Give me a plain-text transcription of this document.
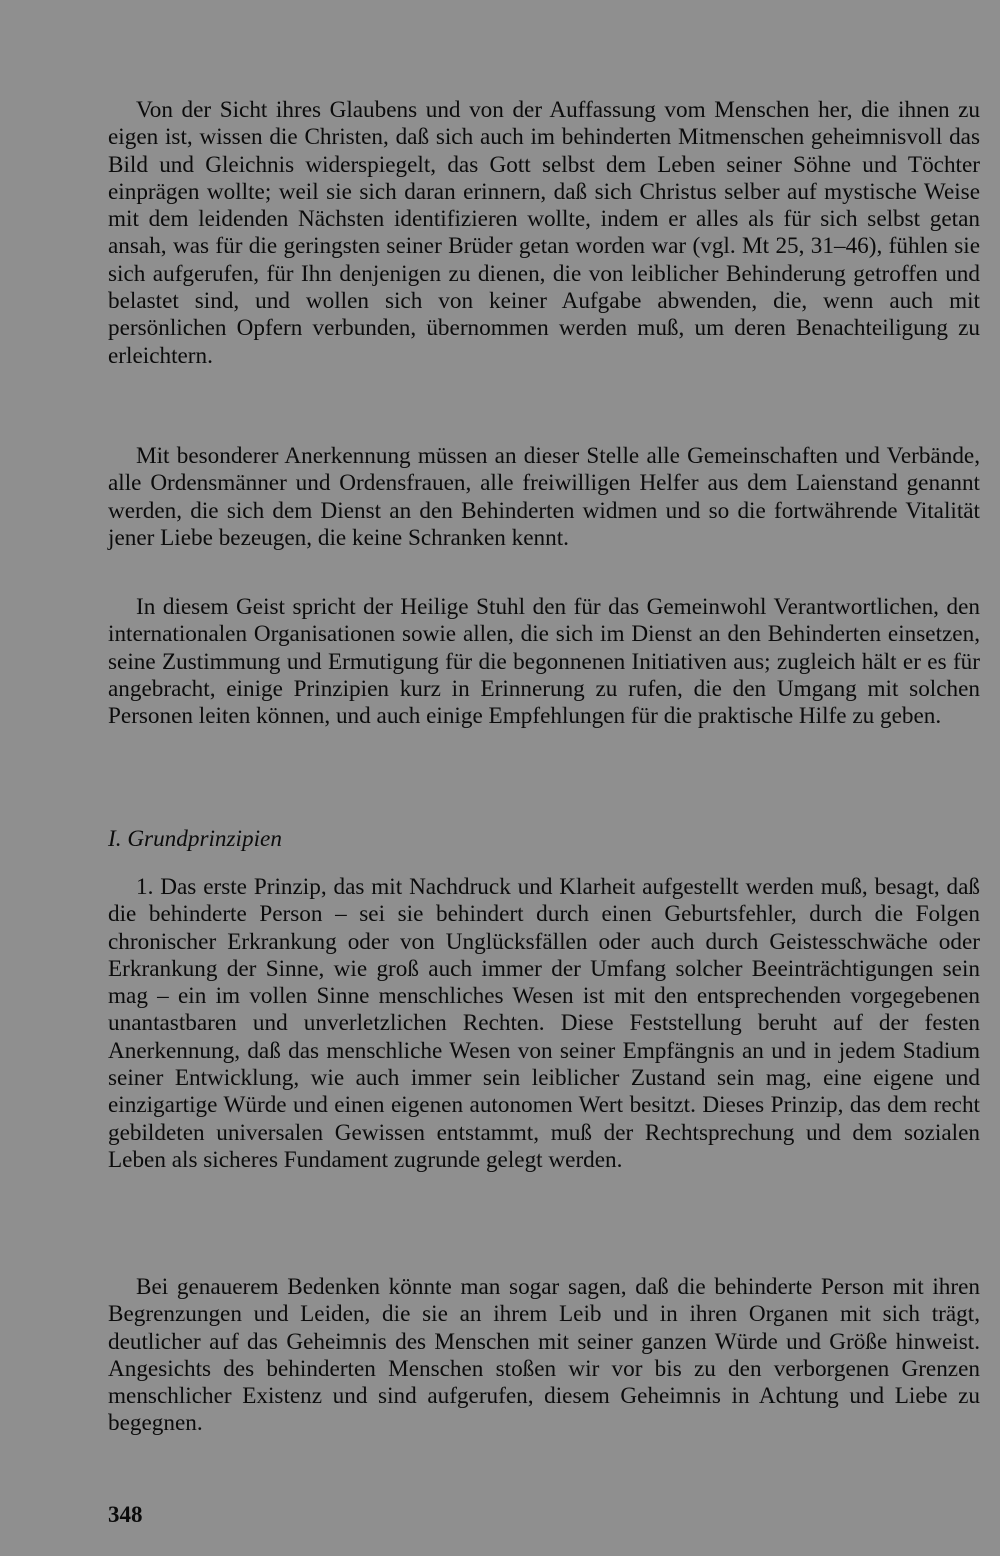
Von der Sicht ihres Glaubens und von der Auffassung vom Menschen her, die ihnen zu eigen ist, wissen die Christen, daß sich auch im behinderten Mitmenschen geheimnisvoll das Bild und Gleichnis widerspiegelt, das Gott selbst dem Leben seiner Söhne und Töchter einprägen wollte; weil sie sich daran erinnern, daß sich Christus selber auf mystische Weise mit dem leidenden Nächsten identifizieren wollte, indem er alles als für sich selbst getan ansah, was für die geringsten seiner Brüder getan worden war (vgl. Mt 25, 31–46), fühlen sie sich aufgerufen, für Ihn denjenigen zu dienen, die von leiblicher Behinderung getroffen und belastet sind, und wollen sich von keiner Aufgabe abwenden, die, wenn auch mit persönlichen Opfern verbunden, übernommen werden muß, um deren Benachteiligung zu erleichtern.

Mit besonderer Anerkennung müssen an dieser Stelle alle Gemeinschaften und Verbände, alle Ordensmänner und Ordensfrauen, alle freiwilligen Helfer aus dem Laienstand genannt werden, die sich dem Dienst an den Behinderten widmen und so die fortwährende Vitalität jener Liebe bezeugen, die keine Schranken kennt.

In diesem Geist spricht der Heilige Stuhl den für das Gemeinwohl Verantwortlichen, den internationalen Organisationen sowie allen, die sich im Dienst an den Behinderten einsetzen, seine Zustimmung und Ermutigung für die begonnenen Initiativen aus; zugleich hält er es für angebracht, einige Prinzipien kurz in Erinnerung zu rufen, die den Umgang mit solchen Personen leiten können, und auch einige Empfehlungen für die praktische Hilfe zu geben.

I. Grundprinzipien

1. Das erste Prinzip, das mit Nachdruck und Klarheit aufgestellt werden muß, besagt, daß die behinderte Person – sei sie behindert durch einen Geburtsfehler, durch die Folgen chronischer Erkrankung oder von Unglücksfällen oder auch durch Geistesschwäche oder Erkrankung der Sinne, wie groß auch immer der Umfang solcher Beeinträchtigungen sein mag – ein im vollen Sinne menschliches Wesen ist mit den entsprechenden vorgegebenen unantastbaren und unverletzlichen Rechten. Diese Feststellung beruht auf der festen Anerkennung, daß das menschliche Wesen von seiner Empfängnis an und in jedem Stadium seiner Entwicklung, wie auch immer sein leiblicher Zustand sein mag, eine eigene und einzigartige Würde und einen eigenen autonomen Wert besitzt. Dieses Prinzip, das dem recht gebildeten universalen Gewissen entstammt, muß der Rechtsprechung und dem sozialen Leben als sicheres Fundament zugrunde gelegt werden.

Bei genauerem Bedenken könnte man sogar sagen, daß die behinderte Person mit ihren Begrenzungen und Leiden, die sie an ihrem Leib und in ihren Organen mit sich trägt, deutlicher auf das Geheimnis des Menschen mit seiner ganzen Würde und Größe hinweist. Angesichts des behinderten Menschen stoßen wir vor bis zu den verborgenen Grenzen menschlicher Existenz und sind aufgerufen, diesem Geheimnis in Achtung und Liebe zu begegnen.

348
